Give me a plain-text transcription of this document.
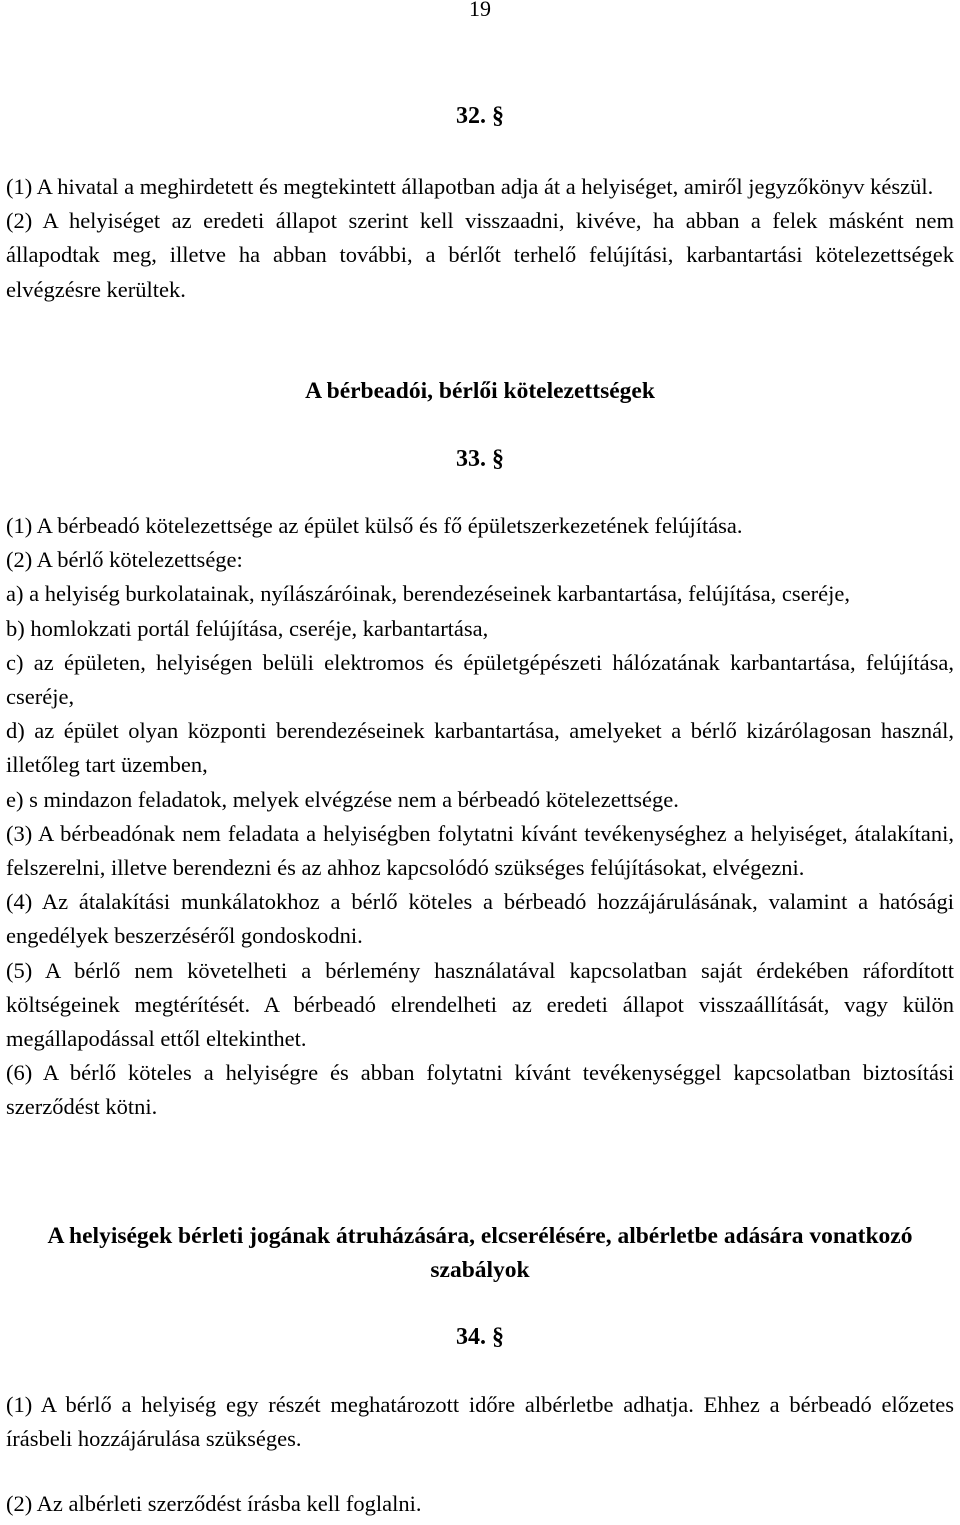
19
32. §

(1) A hivatal a meghirdetett és megtekintett állapotban adja át a helyiséget, amiről jegyzőkönyv készül.

(2) A helyiséget az eredeti állapot szerint kell visszaadni, kivéve, ha abban a felek másként nem állapodtak meg, illetve ha abban további, a bérlőt terhelő felújítási, karbantartási kötelezettségek elvégzésre kerültek.

A bérbeadói, bérlői kötelezettségek
33. §

(1) A bérbeadó kötelezettsége az épület külső és fő épületszerkezetének felújítása.

(2) A bérlő kötelezettsége:

a) a helyiség burkolatainak, nyílászáróinak, berendezéseinek karbantartása, felújítása, cseréje,

b) homlokzati portál felújítása, cseréje, karbantartása,

c) az épületen, helyiségen belüli elektromos és épületgépészeti hálózatának karbantartása, felújítása, cseréje,

d) az épület olyan központi berendezéseinek karbantartása, amelyeket a bérlő kizárólagosan használ, illetőleg tart üzemben,

e) s mindazon feladatok, melyek elvégzése nem a bérbeadó kötelezettsége.

(3) A bérbeadónak nem feladata a helyiségben folytatni kívánt tevékenységhez a helyiséget, átalakítani, felszerelni, illetve berendezni és az ahhoz kapcsolódó szükséges felújításokat, elvégezni.

(4) Az átalakítási munkálatokhoz a bérlő köteles a bérbeadó hozzájárulásának, valamint a hatósági engedélyek beszerzéséről gondoskodni.

(5) A bérlő nem követelheti a bérlemény használatával kapcsolatban saját érdekében ráfordított költségeinek megtérítését. A bérbeadó elrendelheti az eredeti állapot visszaállítását, vagy külön megállapodással ettől eltekinthet.

(6) A bérlő köteles a helyiségre és abban folytatni kívánt tevékenységgel kapcsolatban biztosítási szerződést kötni.

A helyiségek bérleti jogának átruházására, elcserélésére, albérletbe adására vonatkozó szabályok
34. §

(1) A bérlő a helyiség egy részét meghatározott időre albérletbe adhatja. Ehhez a bérbeadó előzetes írásbeli hozzájárulása szükséges.

(2) Az albérleti szerződést írásba kell foglalni.
